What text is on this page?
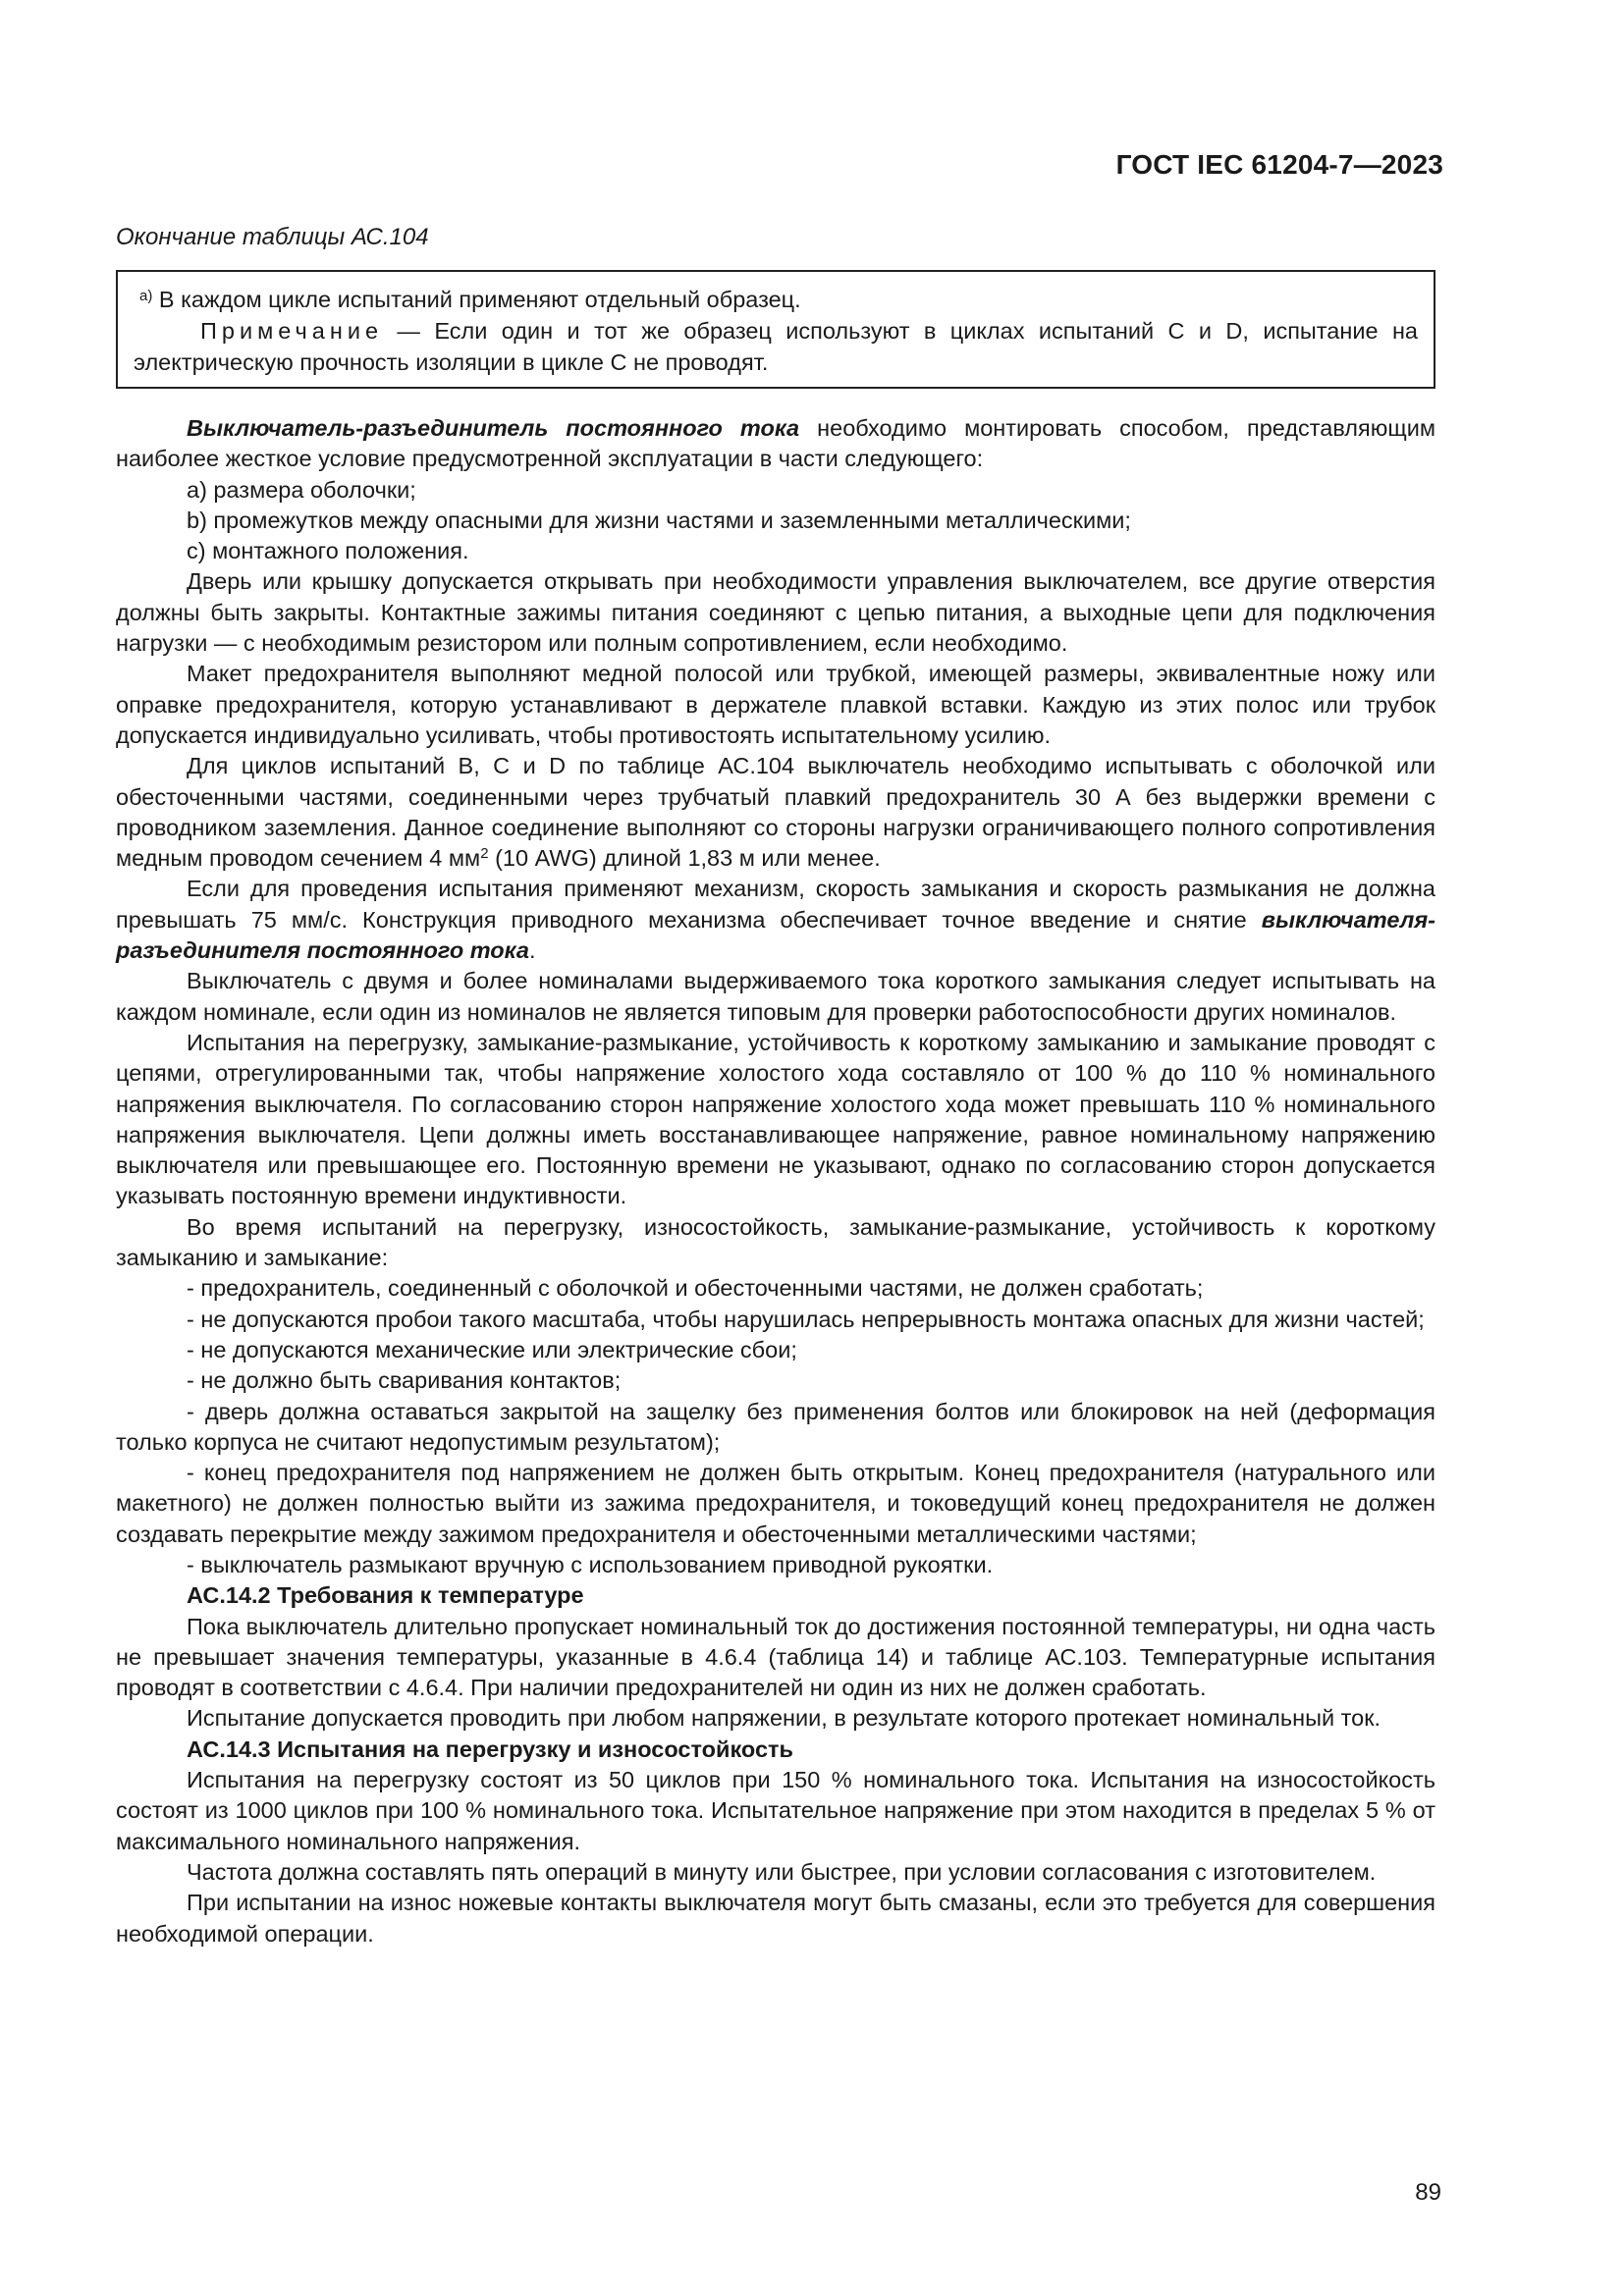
ГОСТ IEC 61204-7—2023
Окончание таблицы АС.104

$^{a)}$ В каждом цикле испытаний применяют отдельный образец.

Примечание — Если один и тот же образец используют в циклах испытаний С и D, испытание на электрическую прочность изоляции в цикле С не проводят.

Выключатель-разъединитель постоянного тока необходимо монтировать способом, представляющим наиболее жесткое условие предусмотренной эксплуатации в части следующего:

a) размера оболочки;

b) промежутков между опасными для жизни частями и заземленными металлическими;

c) монтажного положения.

Дверь или крышку допускается открывать при необходимости управления выключателем, все другие отверстия должны быть закрыты. Контактные зажимы питания соединяют с цепью питания, а выходные цепи для подключения нагрузки — с необходимым резистором или полным сопротивлением, если необходимо.

Макет предохранителя выполняют медной полосой или трубкой, имеющей размеры, эквивалентные ножу или оправке предохранителя, которую устанавливают в держателе плавкой вставки. Каждую из этих полос или трубок допускается индивидуально усиливать, чтобы противостоять испытательному усилию.

Для циклов испытаний В, С и D по таблице АС.104 выключатель необходимо испытывать с оболочкой или обесточенными частями, соединенными через трубчатый плавкий предохранитель 30 А без выдержки времени с проводником заземления. Данное соединение выполняют со стороны нагрузки ограничивающего полного сопротивления медным проводом сечением 4 $мм^2$ (10 AWG) длиной 1,83 м или менее.

Если для проведения испытания применяют механизм, скорость замыкания и скорость размыкания не должна превышать 75 мм/с. Конструкция приводного механизма обеспечивает точное введение и снятие выключателя-разъединителя постоянного тока.

Выключатель с двумя и более номиналами выдерживаемого тока короткого замыкания следует испытывать на каждом номинале, если один из номиналов не является типовым для проверки работоспособности других номиналов.

Испытания на перегрузку, замыкание-размыкание, устойчивость к короткому замыканию и замыкание проводят с цепями, отрегулированными так, чтобы напряжение холостого хода составляло от 100 % до 110 % номинального напряжения выключателя. По согласованию сторон напряжение холостого хода может превышать 110 % номинального напряжения выключателя. Цепи должны иметь восстанавливающее напряжение, равное номинальному напряжению выключателя или превышающее его. Постоянную времени не указывают, однако по согласованию сторон допускается указывать постоянную времени индуктивности.

Во время испытаний на перегрузку, износостойкость, замыкание-размыкание, устойчивость к короткому замыканию и замыкание:

- предохранитель, соединенный с оболочкой и обесточенными частями, не должен сработать;

- не допускаются пробои такого масштаба, чтобы нарушилась непрерывность монтажа опасных для жизни частей;

- не допускаются механические или электрические сбои;

- не должно быть сваривания контактов;

- дверь должна оставаться закрытой на защелку без применения болтов или блокировок на ней (деформация только корпуса не считают недопустимым результатом);

- конец предохранителя под напряжением не должен быть открытым. Конец предохранителя (натурального или макетного) не должен полностью выйти из зажима предохранителя, и токоведущий конец предохранителя не должен создавать перекрытие между зажимом предохранителя и обесточенными металлическими частями;

- выключатель размыкают вручную с использованием приводной рукоятки.

АС.14.2 Требования к температуре

Пока выключатель длительно пропускает номинальный ток до достижения постоянной температуры, ни одна часть не превышает значения температуры, указанные в 4.6.4 (таблица 14) и таблице АС.103. Температурные испытания проводят в соответствии с 4.6.4. При наличии предохранителей ни один из них не должен сработать.

Испытание допускается проводить при любом напряжении, в результате которого протекает номинальный ток.

АС.14.3 Испытания на перегрузку и износостойкость

Испытания на перегрузку состоят из 50 циклов при 150 % номинального тока. Испытания на износостойкость состоят из 1000 циклов при 100 % номинального тока. Испытательное напряжение при этом находится в пределах 5 % от максимального номинального напряжения.

Частота должна составлять пять операций в минуту или быстрее, при условии согласования с изготовителем.

При испытании на износ ножевые контакты выключателя могут быть смазаны, если это требуется для совершения необходимой операции.

89
